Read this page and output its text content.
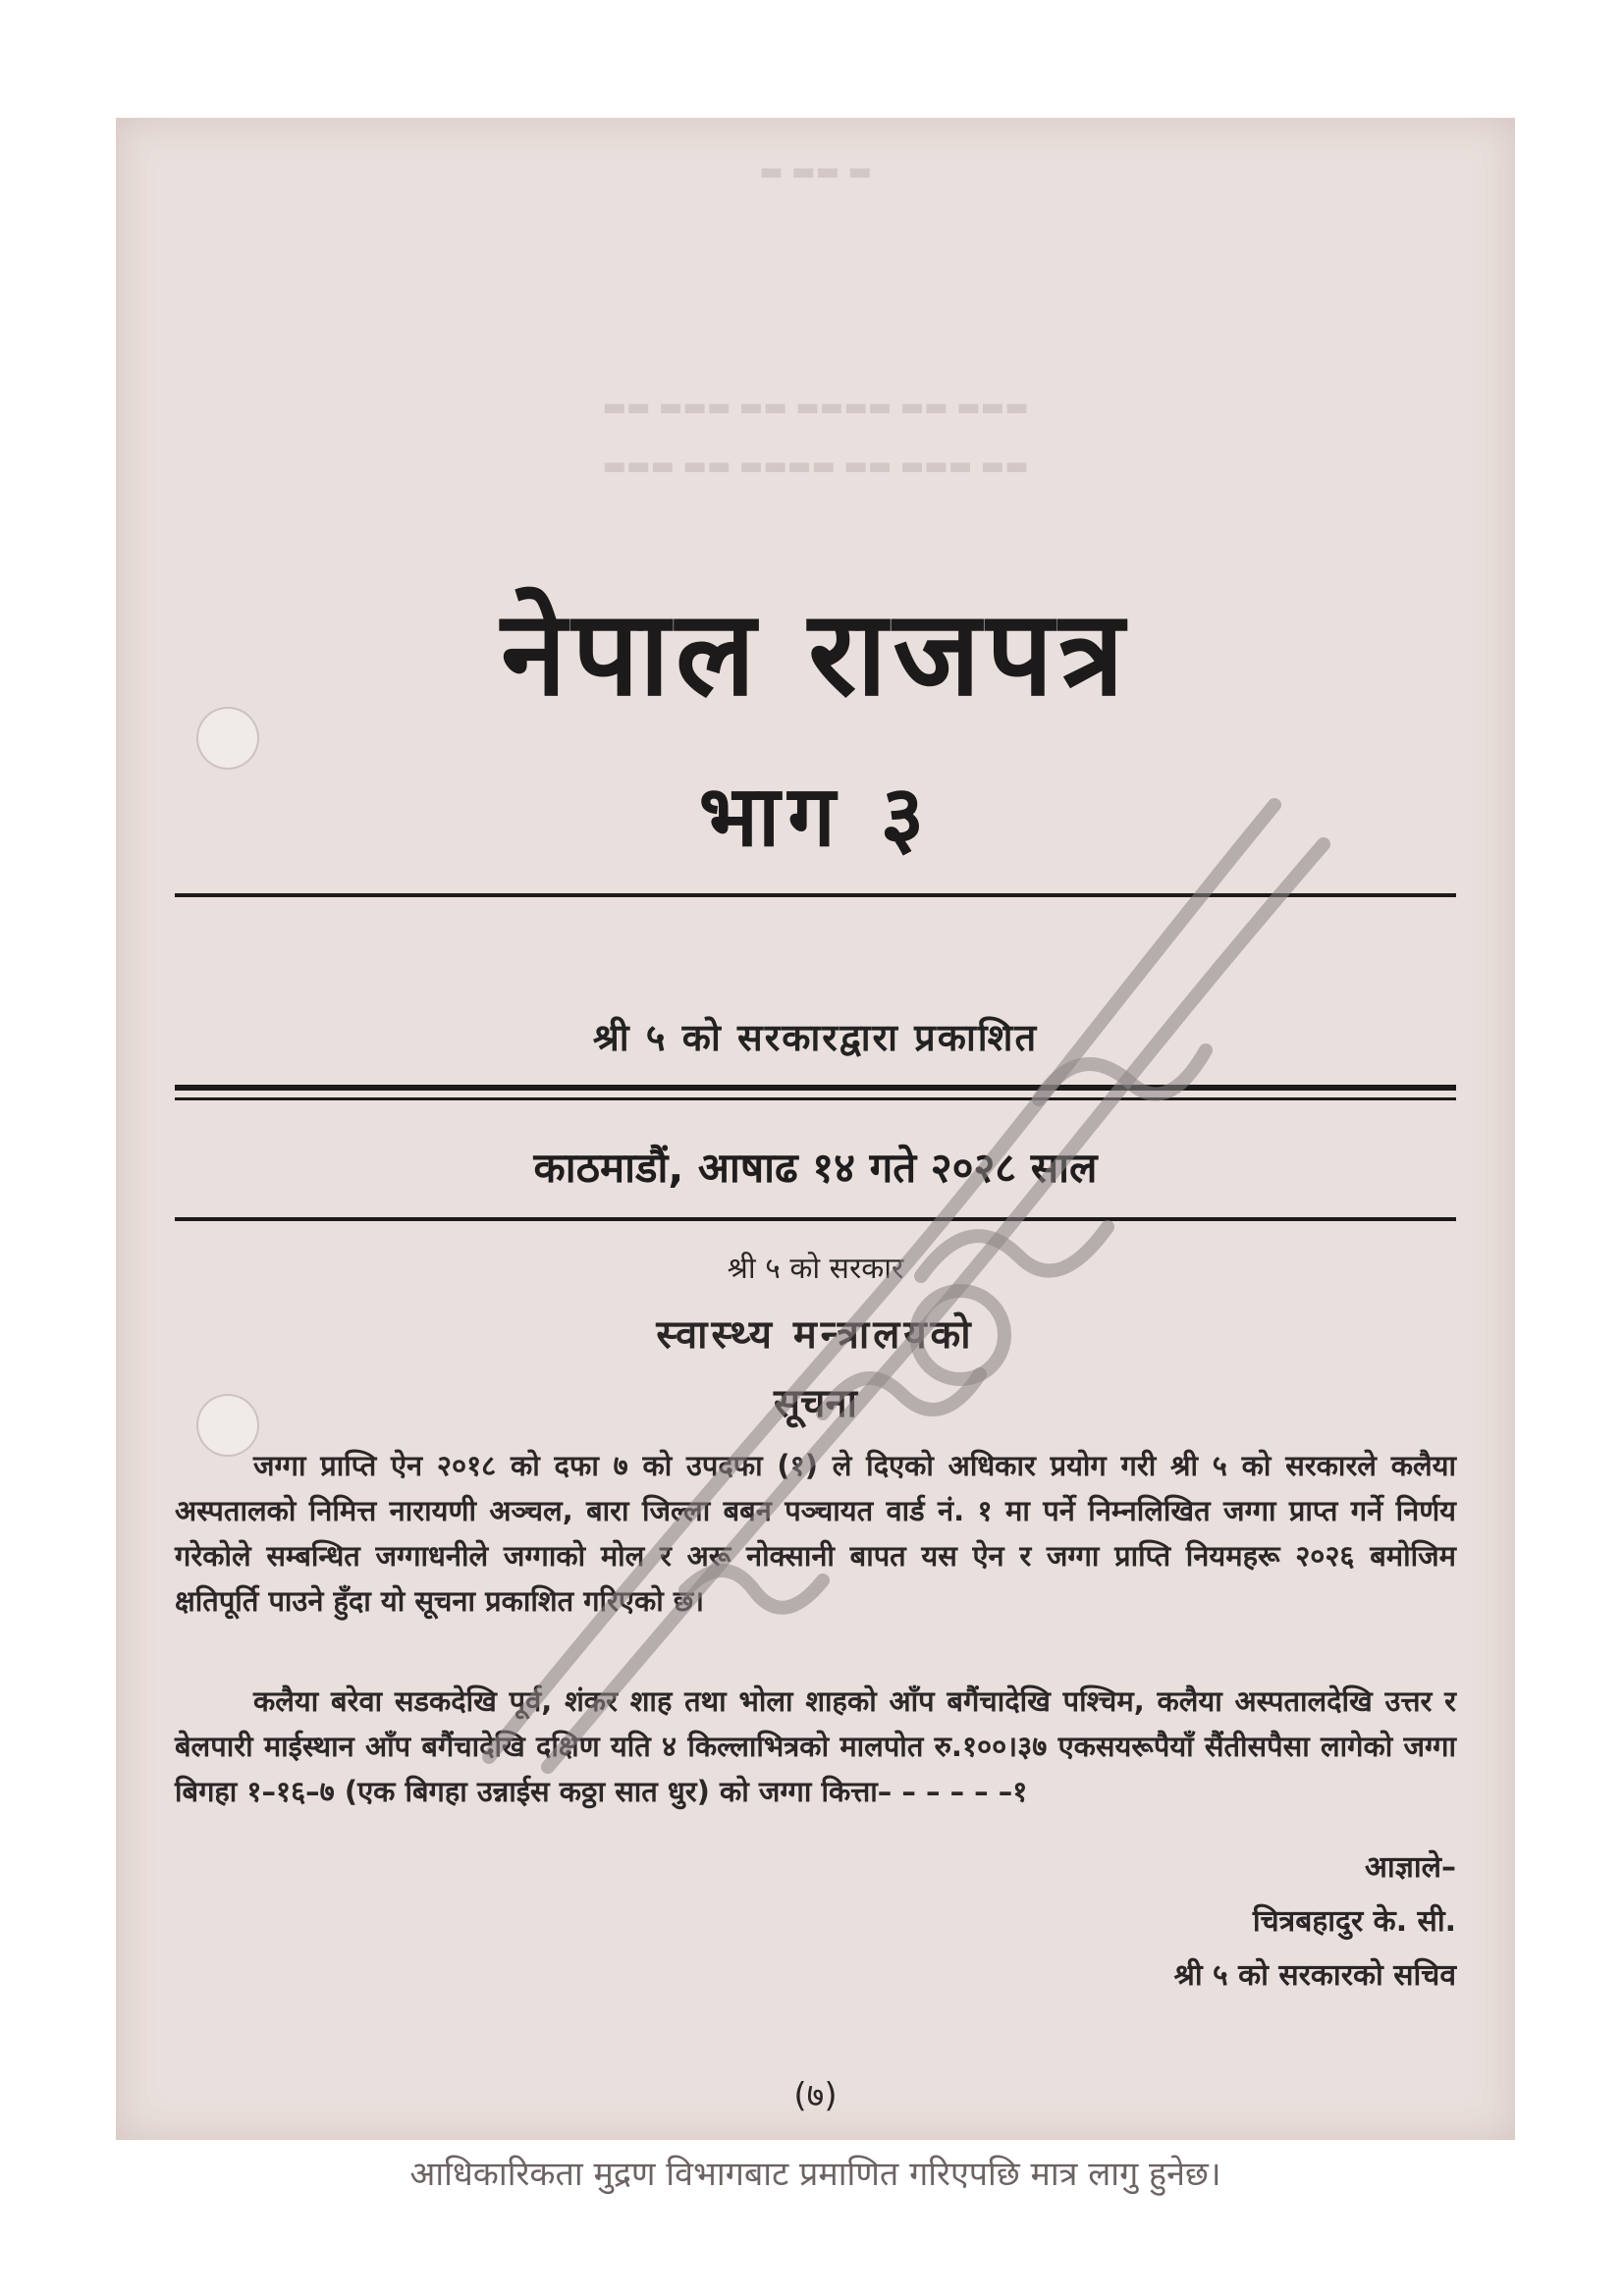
▬ ▬▬ ▬
▬▬ ▬▬▬ ▬▬ ▬▬▬▬ ▬▬ ▬▬▬
▬▬▬ ▬▬ ▬▬▬▬ ▬▬ ▬▬▬ ▬▬
नेपाल राजपत्र
भाग ३
श्री ५ को सरकारद्वारा प्रकाशित
काठमाडौं, आषाढ १४ गते २०२८ साल
श्री ५ को सरकार
स्वास्थ्य मन्त्रालयको
सूचना
जग्गा प्राप्ति ऐन २०१८ को दफा ७ को उपदफा (१) ले दिएको अधिकार प्रयोग गरी श्री ५ को सरकारले कलैया अस्पतालको निमित्त नारायणी अञ्चल, बारा जिल्ला बबन पञ्चायत वार्ड नं. १ मा पर्ने निम्नलिखित जग्गा प्राप्त गर्ने निर्णय गरेकोले सम्बन्धित जग्गाधनीले जग्गाको मोल र अरू नोक्सानी बापत यस ऐन र जग्गा प्राप्ति नियमहरू २०२६ बमोजिम क्षतिपूर्ति पाउने हुँदा यो सूचना प्रकाशित गरिएको छ।
कलैया बरेवा सडकदेखि पूर्व, शंकर शाह तथा भोला शाहको आँप बगैंचादेखि पश्चिम, कलैया अस्पतालदेखि उत्तर र बेलपारी माईस्थान आँप बगैंचादेखि दक्षिण यति ४ किल्लाभित्रको मालपोत रु.१००।३७ एकसयरूपैयाँ सैंतीसपैसा लागेको जग्गा बिगहा १–१६–७ (एक बिगहा उन्नाईस कठ्ठा सात धुर) को जग्गा कित्ता– – – – – –१
आज्ञाले–
चित्रबहादुर के. सी.
श्री ५ को सरकारको सचिव
(७)
आधिकारिकता मुद्रण विभागबाट प्रमाणित गरिएपछि मात्र लागु हुनेछ।
